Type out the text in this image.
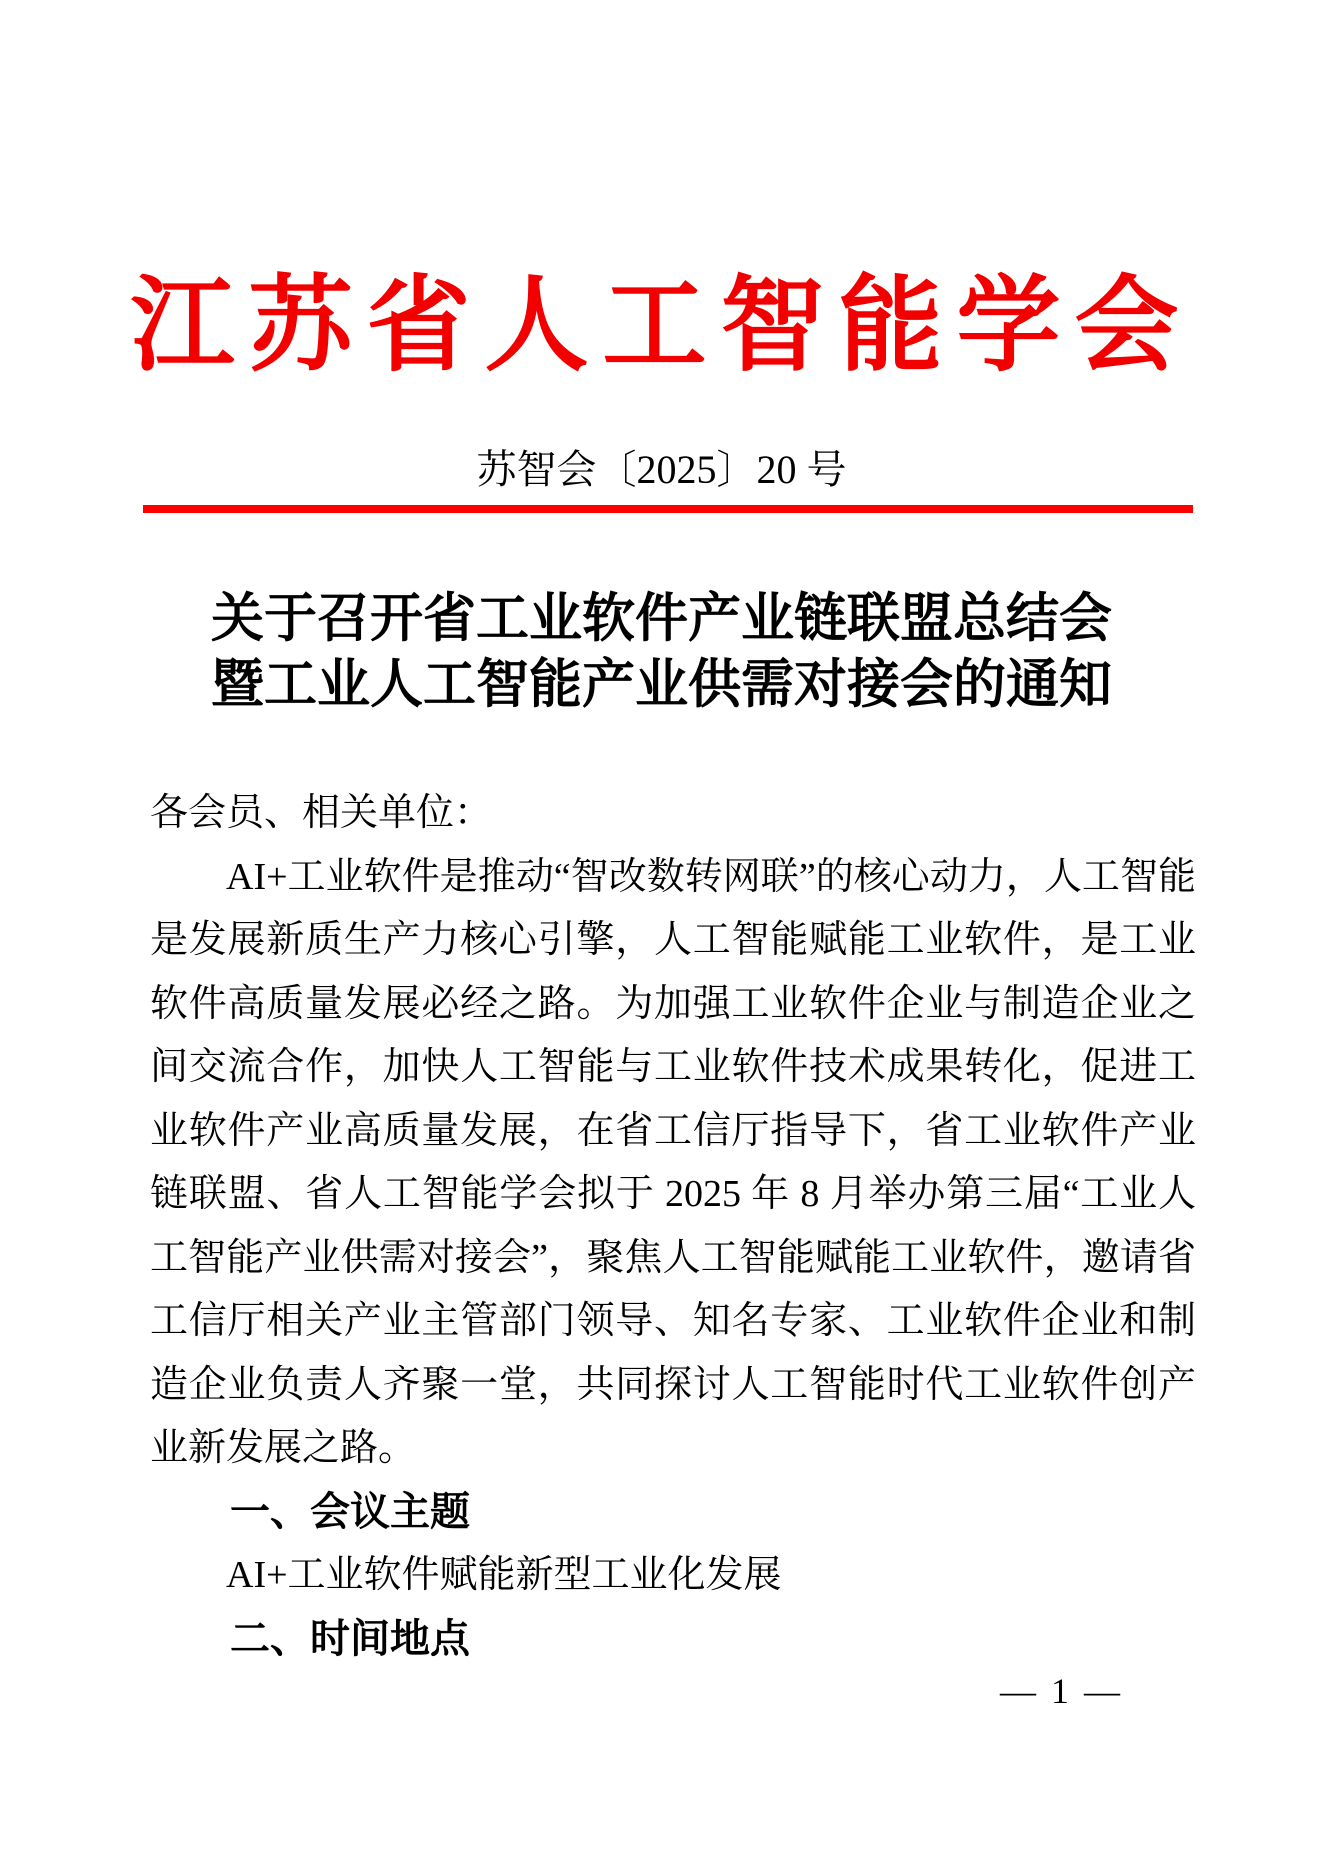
江苏省人工智能学会
苏智会〔2025〕20 号
关于召开省工业软件产业链联盟总结会
暨工业人工智能产业供需对接会的通知
各会员、相关单位：

AI+工业软件是推动“智改数转网联”的核心动力，人工智能是发展新质生产力核心引擎，人工智能赋能工业软件，是工业软件高质量发展必经之路。为加强工业软件企业与制造企业之间交流合作，加快人工智能与工业软件技术成果转化，促进工业软件产业高质量发展，在省工信厅指导下，省工业软件产业链联盟、省人工智能学会拟于 2025 年 8 月举办第三届“工业人工智能产业供需对接会”，聚焦人工智能赋能工业软件，邀请省工信厅相关产业主管部门领导、知名专家、工业软件企业和制造企业负责人齐聚一堂，共同探讨人工智能时代工业软件创产业新发展之路。

一、会议主题
AI+工业软件赋能新型工业化发展
二、时间地点
— 1 —
